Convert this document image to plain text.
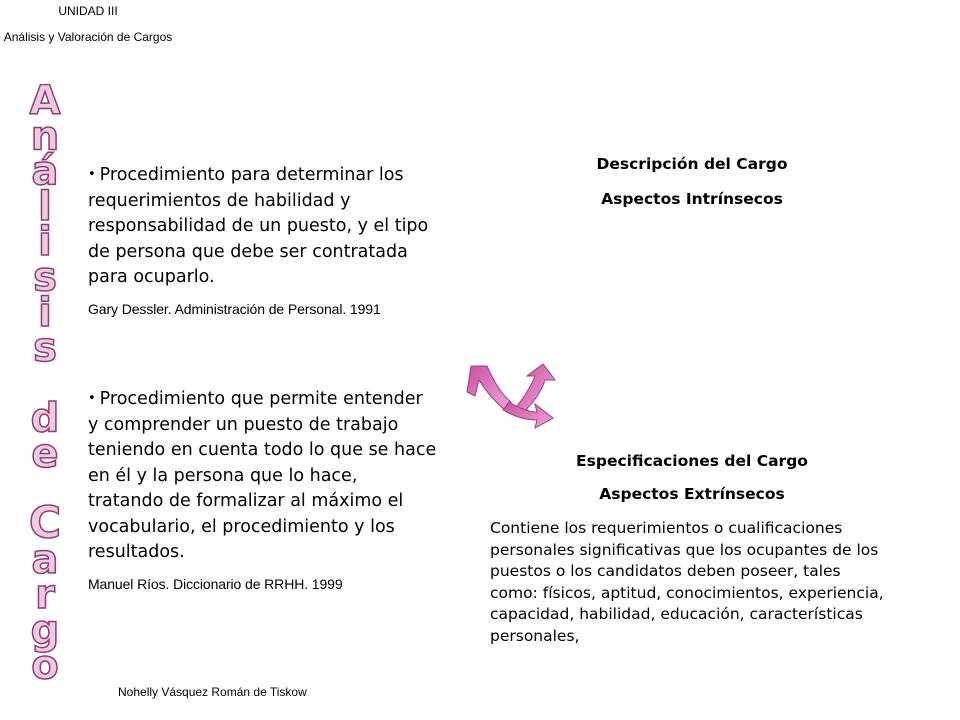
UNIDAD III
Análisis y Valoración de Cargos
A
n
á
l
i
s
i
s
d
e
C
a
r
g
o

• Procedimiento para determinar los requerimientos de habilidad y responsabilidad de un puesto, y el tipo de persona que debe ser contratada para ocuparlo.

Gary Dessler. Administración de Personal. 1991

• Procedimiento que permite entender y comprender un puesto de trabajo teniendo en cuenta todo lo que se hace en él y la persona que lo hace, tratando de formalizar al máximo el vocabulario, el procedimiento y los resultados.

Manuel Ríos. Diccionario de RRHH. 1999
Descripción del Cargo
Aspectos Intrínsecos
Especificaciones del Cargo
Aspectos Extrínsecos
Contiene los requerimientos o cualificaciones personales significativas que los ocupantes de los puestos o los candidatos deben poseer, tales como: físicos, aptitud, conocimientos, experiencia, capacidad, habilidad, educación, características personales,
Nohelly Vásquez Román de Tiskow
